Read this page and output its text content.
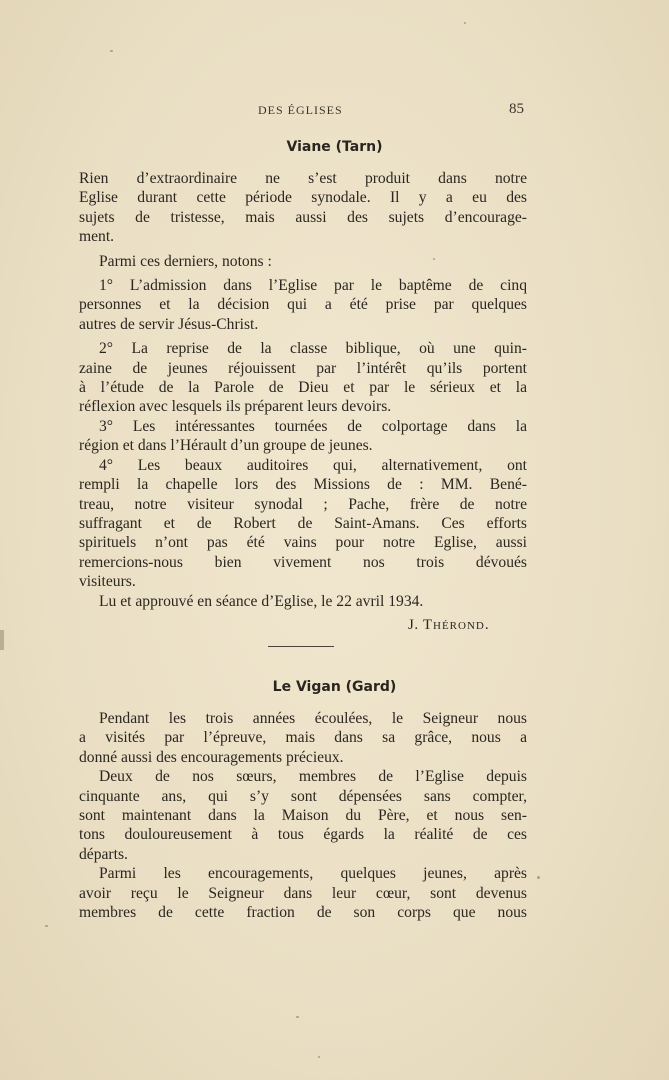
DES ÉGLISES	85
Viane (Tarn)
Rien d’extraordinaire ne s’est produit dans notre
Eglise durant cette période synodale. Il y a eu des
sujets de tristesse, mais aussi des sujets d’encourage-
ment.
Parmi ces derniers, notons :
1° L’admission dans l’Eglise par le baptême de cinq
personnes et la décision qui a été prise par quelques
autres de servir Jésus-Christ.
2° La reprise de la classe biblique, où une quin-
zaine de jeunes réjouissent par l’intérêt qu’ils portent
à l’étude de la Parole de Dieu et par le sérieux et la
réflexion avec lesquels ils préparent leurs devoirs.
3° Les intéressantes tournées de colportage dans la
région et dans l’Hérault d’un groupe de jeunes.
4° Les beaux auditoires qui, alternativement, ont
rempli la chapelle lors des Missions de : MM. Bené-
treau, notre visiteur synodal ; Pache, frère de notre
suffragant et de Robert de Saint-Amans. Ces efforts
spirituels n’ont pas été vains pour notre Eglise, aussi
remercions-nous bien vivement nos trois dévoués
visiteurs.
Lu et approuvé en séance d’Eglise, le 22 avril 1934.
J. Thérond.
Le Vigan (Gard)
Pendant les trois années écoulées, le Seigneur nous
a visités par l’épreuve, mais dans sa grâce, nous a
donné aussi des encouragements précieux.
Deux de nos sœurs, membres de l’Eglise depuis
cinquante ans, qui s’y sont dépensées sans compter,
sont maintenant dans la Maison du Père, et nous sen-
tons douloureusement à tous égards la réalité de ces
départs.
Parmi les encouragements, quelques jeunes, après
avoir reçu le Seigneur dans leur cœur, sont devenus
membres de cette fraction de son corps que nous
